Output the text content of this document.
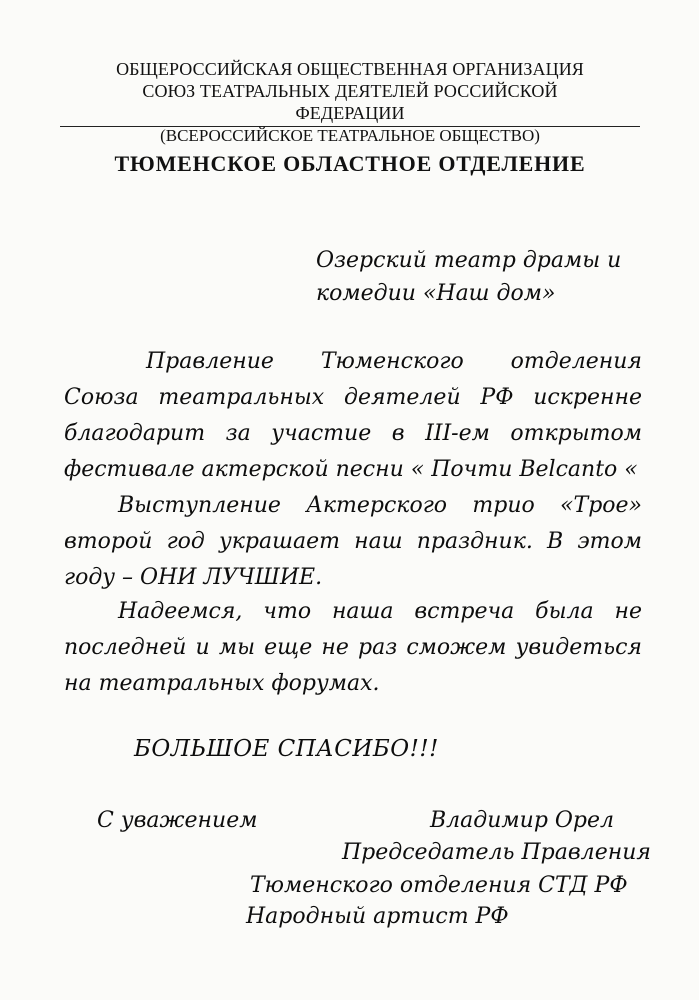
ОБЩЕРОССИЙСКАЯ ОБЩЕСТВЕННАЯ ОРГАНИЗАЦИЯ
СОЮЗ ТЕАТРАЛЬНЫХ ДЕЯТЕЛЕЙ РОССИЙСКОЙ
ФЕДЕРАЦИИ
(ВСЕРОССИЙСКОЕ ТЕАТРАЛЬНОЕ ОБЩЕСТВО)
ТЮМЕНСКОЕ ОБЛАСТНОЕ ОТДЕЛЕНИЕ
Озерский театр драмы и
комедии «Наш дом»

Правление Тюменского отделения Союза театральных деятелей РФ искренне благодарит за участие в III-ем открытом фестивале актерской песни « Почти Belcanto «

Выступление Актерского трио «Трое» второй год украшает наш праздник. В этом году – ОНИ ЛУЧШИЕ.

Надеемся, что наша встреча была не последней и мы еще не раз сможем увидеться на театральных форумах.

БОЛЬШОЕ СПАСИБО!!!
С уважением	Владимир Орел
Председатель Правления
Тюменского отделения СТД РФ
Народный артист РФ
